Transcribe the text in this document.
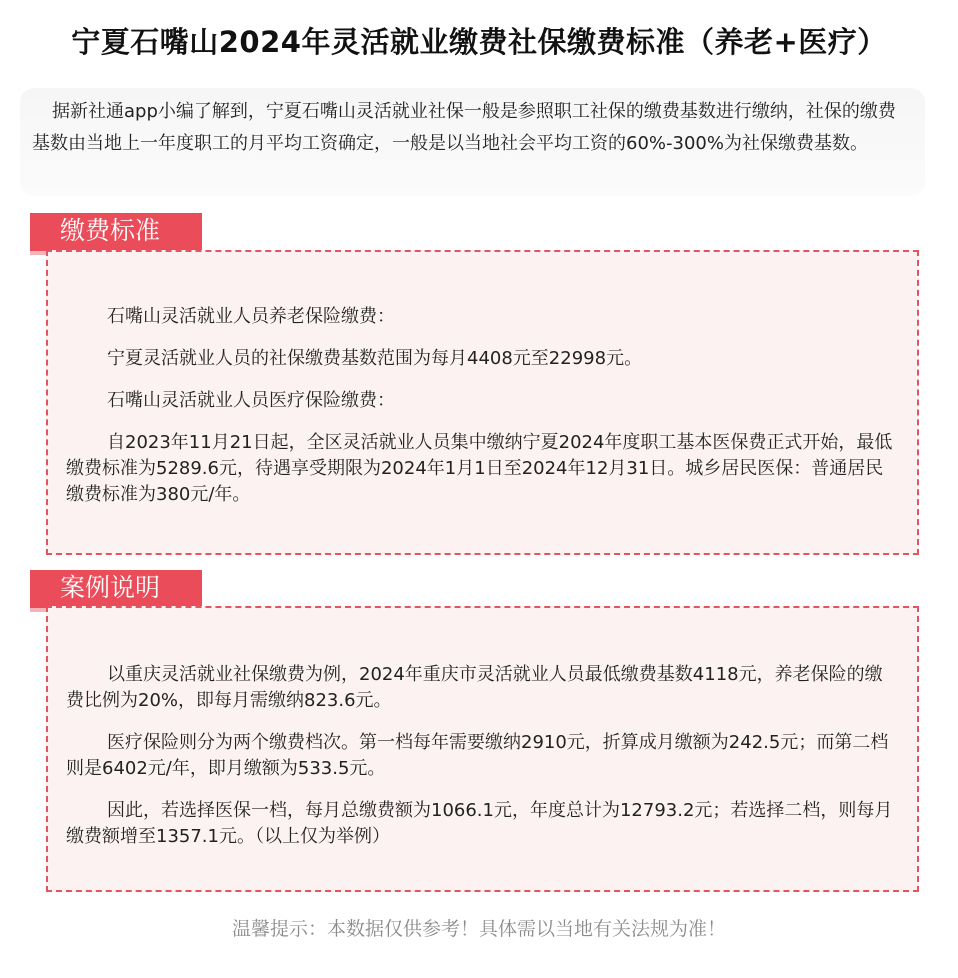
宁夏石嘴山2024年灵活就业缴费社保缴费标准（养老+医疗）

据新社通app小编了解到，宁夏石嘴山灵活就业社保一般是参照职工社保的缴费基数进行缴纳，社保的缴费基数由当地上一年度职工的月平均工资确定，一般是以当地社会平均工资的60%-300%为社保缴费基数。

缴费标准

石嘴山灵活就业人员养老保险缴费：

宁夏灵活就业人员的社保缴费基数范围为每月4408元至22998元。

石嘴山灵活就业人员医疗保险缴费：

自2023年11月21日起，全区灵活就业人员集中缴纳宁夏2024年度职工基本医保费正式开始，最低缴费标准为5289.6元，待遇享受期限为2024年1月1日至2024年12月31日。城乡居民医保：普通居民缴费标准为380元/年。

案例说明

以重庆灵活就业社保缴费为例，2024年重庆市灵活就业人员最低缴费基数4118元，养老保险的缴费比例为20%，即每月需缴纳823.6元。

医疗保险则分为两个缴费档次。第一档每年需要缴纳2910元，折算成月缴额为242.5元；而第二档则是6402元/年，即月缴额为533.5元。

因此，若选择医保一档，每月总缴费额为1066.1元，年度总计为12793.2元；若选择二档，则每月缴费额增至1357.1元。（以上仅为举例）

温馨提示：本数据仅供参考！具体需以当地有关法规为准！
